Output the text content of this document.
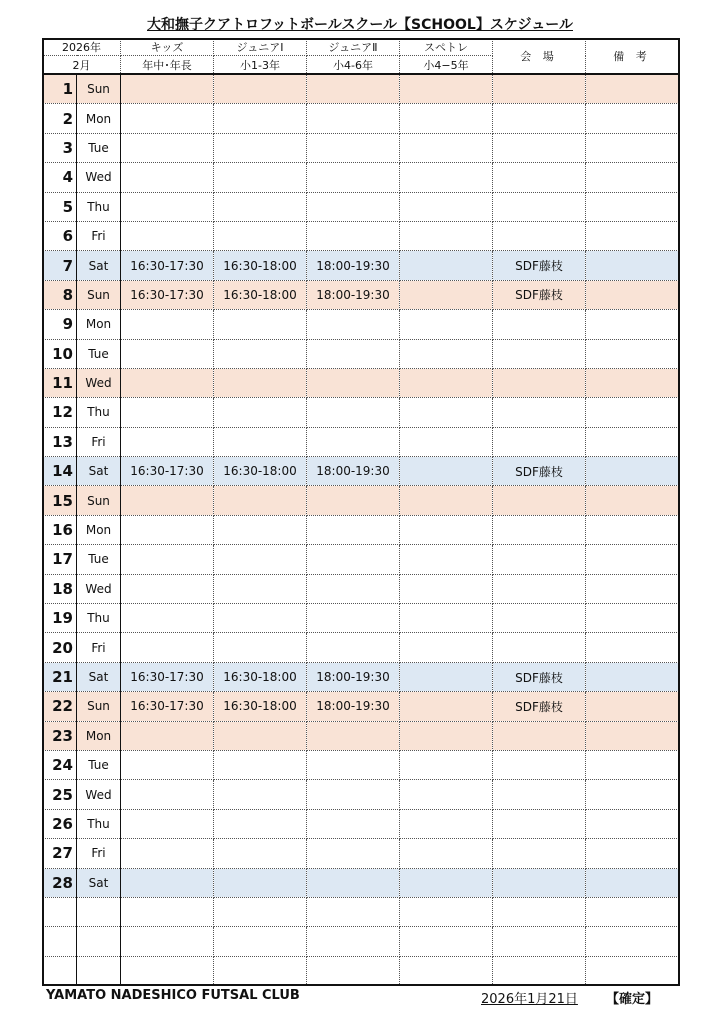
大和撫子クアトロフットボールスクール【SCHOOL】スケジュール
2026年		キッズ	ジュニアⅠ	ジュニアⅡ	スペトレ	会 場	備 考
2月		年中･年長	小1-3年	小4-6年	小4−5年		
1	Sun						
2	Mon						
3	Tue						
4	Wed						
5	Thu						
6	Fri						
7	Sat	16:30-17:30	16:30-18:00	18:00-19:30		SDF藤枝	
8	Sun	16:30-17:30	16:30-18:00	18:00-19:30		SDF藤枝	
9	Mon						
10	Tue						
11	Wed						
12	Thu						
13	Fri						
14	Sat	16:30-17:30	16:30-18:00	18:00-19:30		SDF藤枝	
15	Sun						
16	Mon						
17	Tue						
18	Wed						
19	Thu						
20	Fri						
21	Sat	16:30-17:30	16:30-18:00	18:00-19:30		SDF藤枝	
22	Sun	16:30-17:30	16:30-18:00	18:00-19:30		SDF藤枝	
23	Mon						
24	Tue						
25	Wed						
26	Thu						
27	Fri						
28	Sat						

YAMATO NADESHICO FUTSAL CLUB	2026年1月21日 【確定】
